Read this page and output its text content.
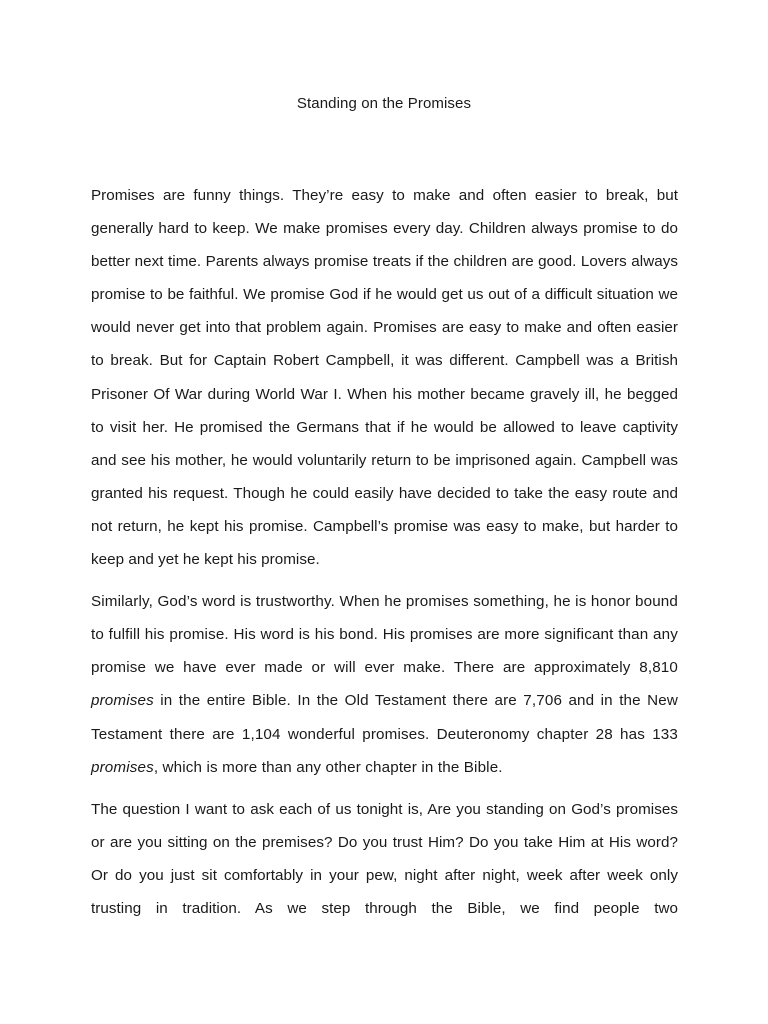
Standing on the Promises

Promises are funny things. They’re easy to make and often easier to break, but generally hard to keep. We make promises every day. Children always promise to do better next time. Parents always promise treats if the children are good. Lovers always promise to be faithful. We promise God if he would get us out of a difficult situation we would never get into that problem again. Promises are easy to make and often easier to break. But for Captain Robert Campbell, it was different. Campbell was a British Prisoner Of War during World War I. When his mother became gravely ill, he begged to visit her. He promised the Germans that if he would be allowed to leave captivity and see his mother, he would voluntarily return to be imprisoned again. Campbell was granted his request. Though he could easily have decided to take the easy route and not return, he kept his promise. Campbell’s promise was easy to make, but harder to keep and yet he kept his promise.

Similarly, God’s word is trustworthy. When he promises something, he is honor bound to fulfill his promise. His word is his bond. His promises are more significant than any promise we have ever made or will ever make. There are approximately 8,810 promises in the entire Bible. In the Old Testament there are 7,706 and in the New Testament there are 1,104 wonderful promises. Deuteronomy chapter 28 has 133 promises, which is more than any other chapter in the Bible.

The question I want to ask each of us tonight is, Are you standing on God’s promises or are you sitting on the premises? Do you trust Him? Do you take Him at His word? Or do you just sit comfortably in your pew, night after night, week after week only trusting in tradition. As we step through the Bible, we find people two
